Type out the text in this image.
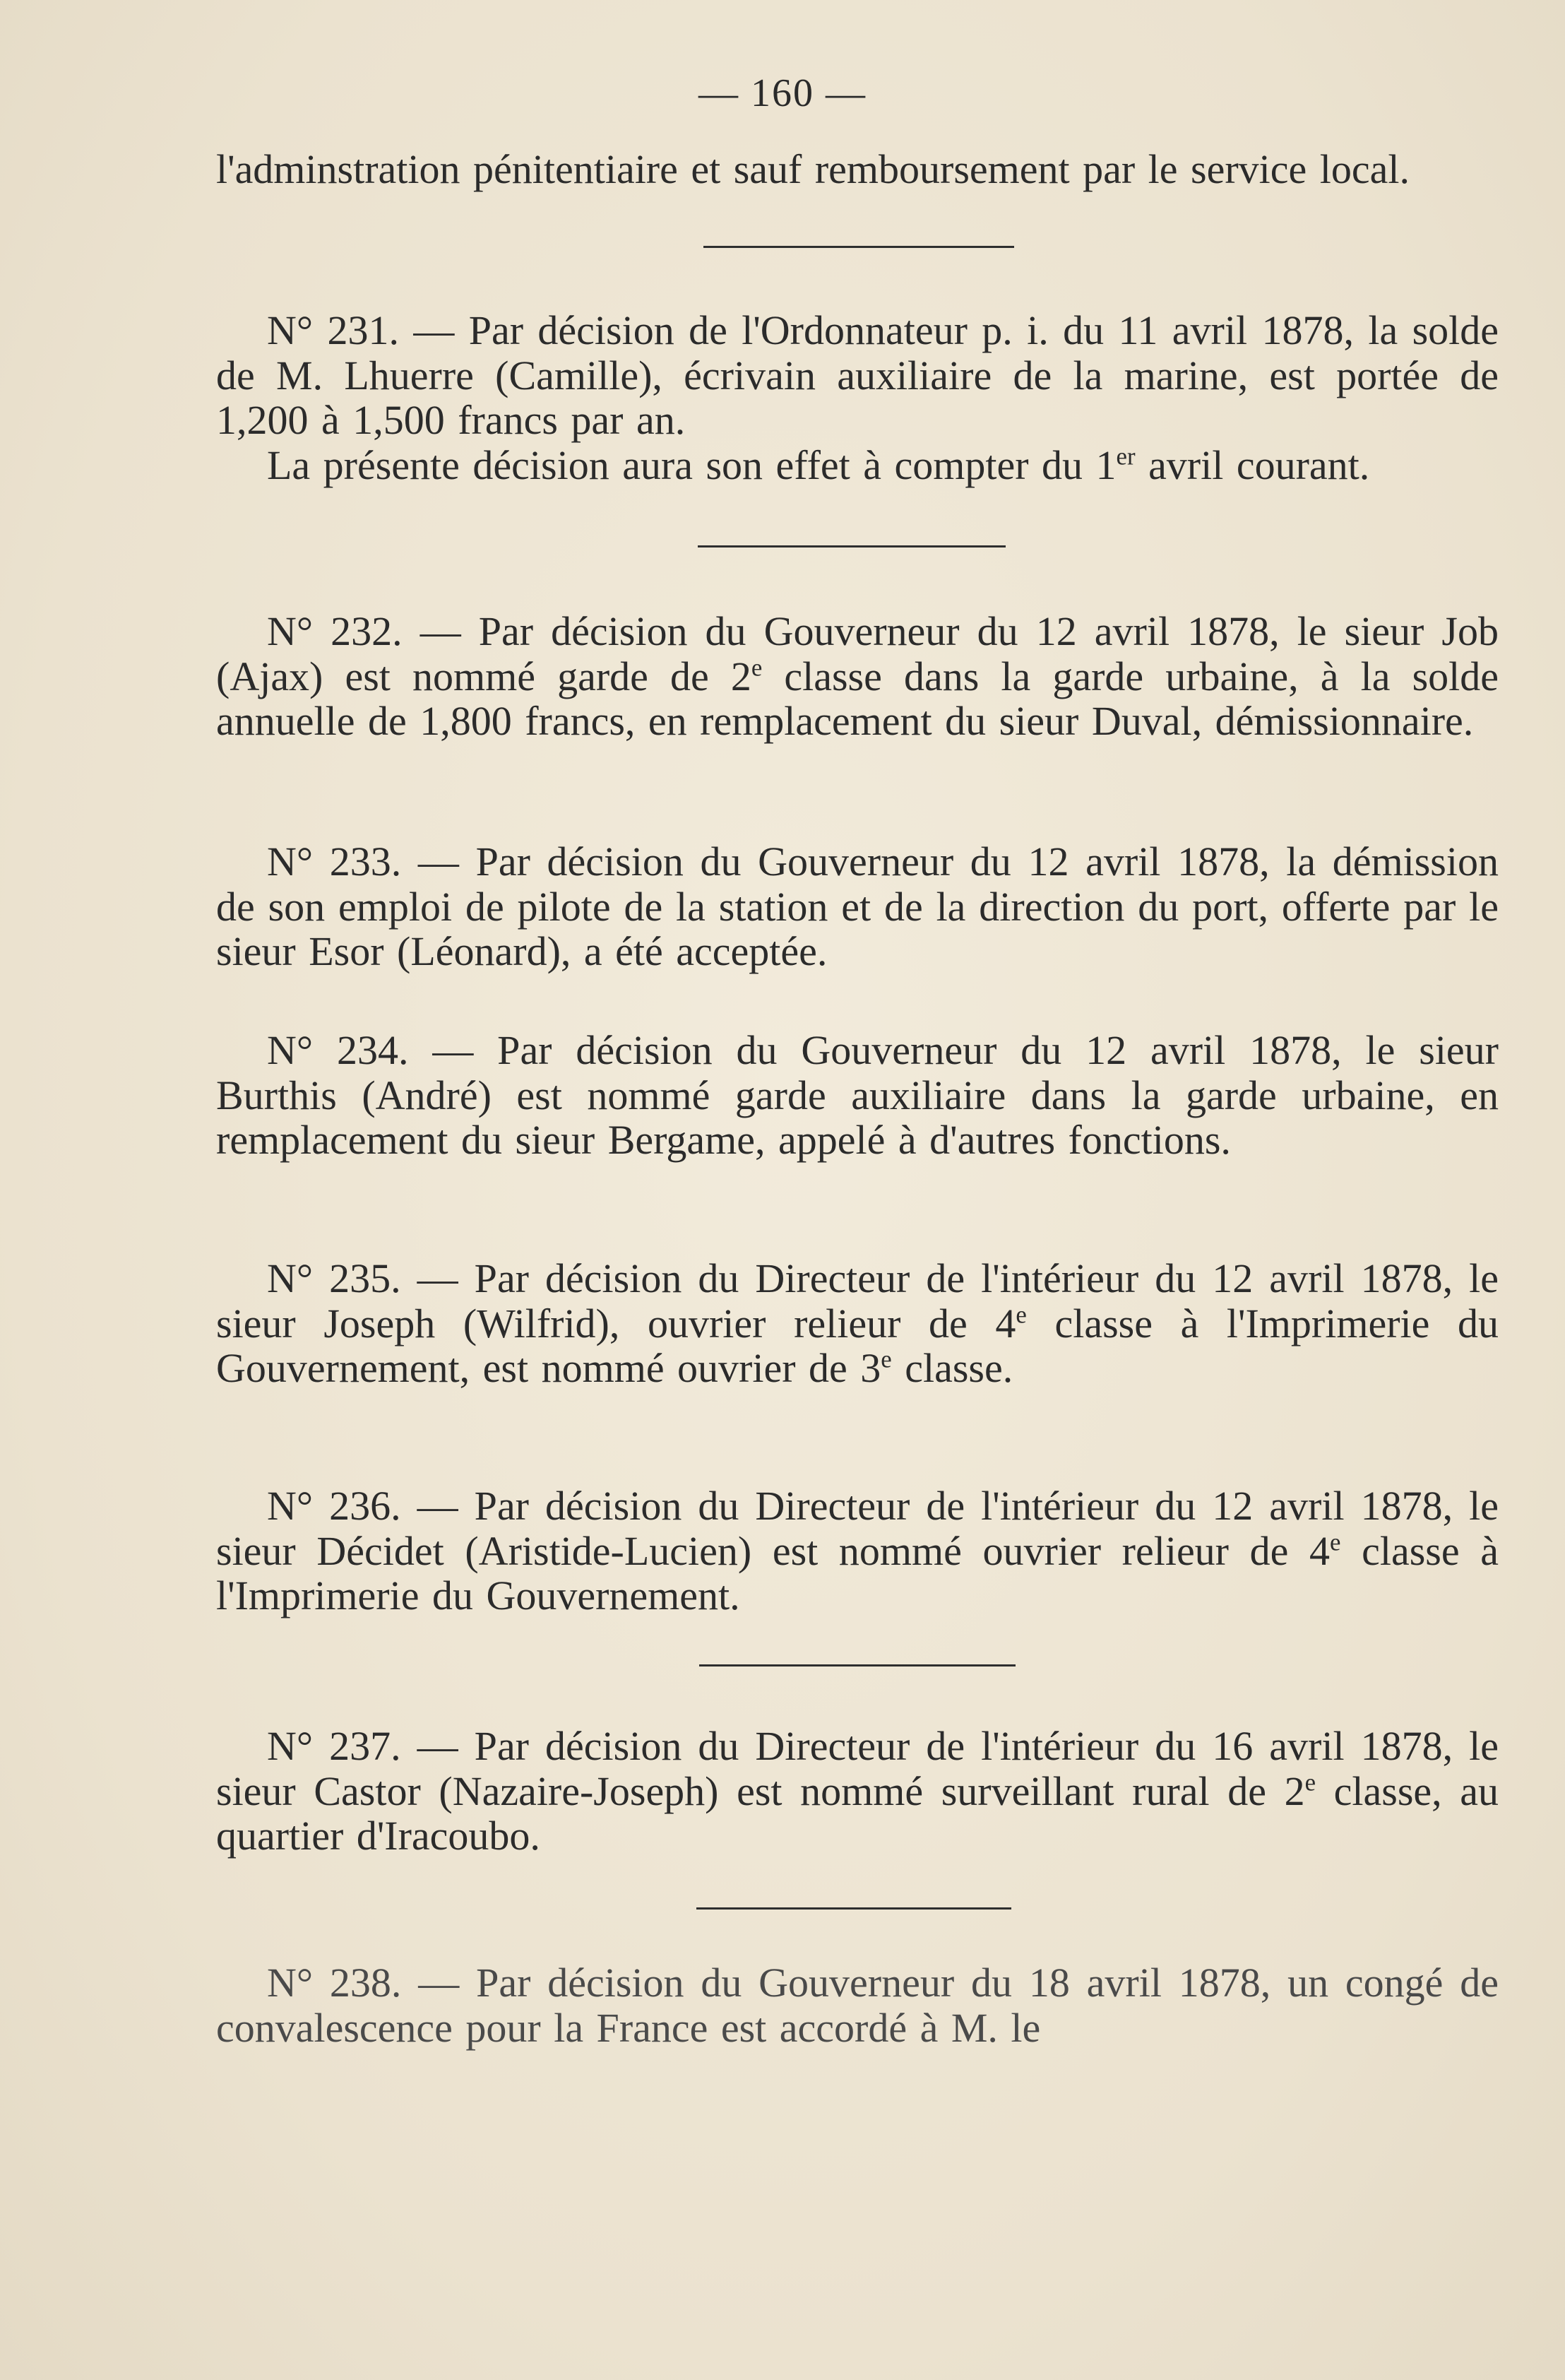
— 160 —

l'adminstration pénitentiaire et sauf remboursement par le service local.

N° 231. — Par décision de l'Ordonnateur p. i. du 11 avril 1878, la solde de M. Lhuerre (Camille), écrivain auxiliaire de la marine, est portée de 1,200 à 1,500 francs par an.

La présente décision aura son effet à compter du 1er avril courant.

N° 232. — Par décision du Gouverneur du 12 avril 1878, le sieur Job (Ajax) est nommé garde de 2e classe dans la garde urbaine, à la solde annuelle de 1,800 francs, en remplacement du sieur Duval, démissionnaire.

N° 233. — Par décision du Gouverneur du 12 avril 1878, la démission de son emploi de pilote de la station et de la direction du port, offerte par le sieur Esor (Léonard), a été acceptée.

N° 234. — Par décision du Gouverneur du 12 avril 1878, le sieur Burthis (André) est nommé garde auxiliaire dans la garde urbaine, en remplacement du sieur Bergame, appelé à d'autres fonctions.

N° 235. — Par décision du Directeur de l'intérieur du 12 avril 1878, le sieur Joseph (Wilfrid), ouvrier relieur de 4e classe à l'Imprimerie du Gouvernement, est nommé ouvrier de 3e classe.

N° 236. — Par décision du Directeur de l'intérieur du 12 avril 1878, le sieur Décidet (Aristide-Lucien) est nommé ouvrier relieur de 4e classe à l'Imprimerie du Gouvernement.

N° 237. — Par décision du Directeur de l'intérieur du 16 avril 1878, le sieur Castor (Nazaire-Joseph) est nommé surveillant rural de 2e classe, au quartier d'Iracoubo.

N° 238. — Par décision du Gouverneur du 18 avril 1878, un congé de convalescence pour la France est accordé à M. le
